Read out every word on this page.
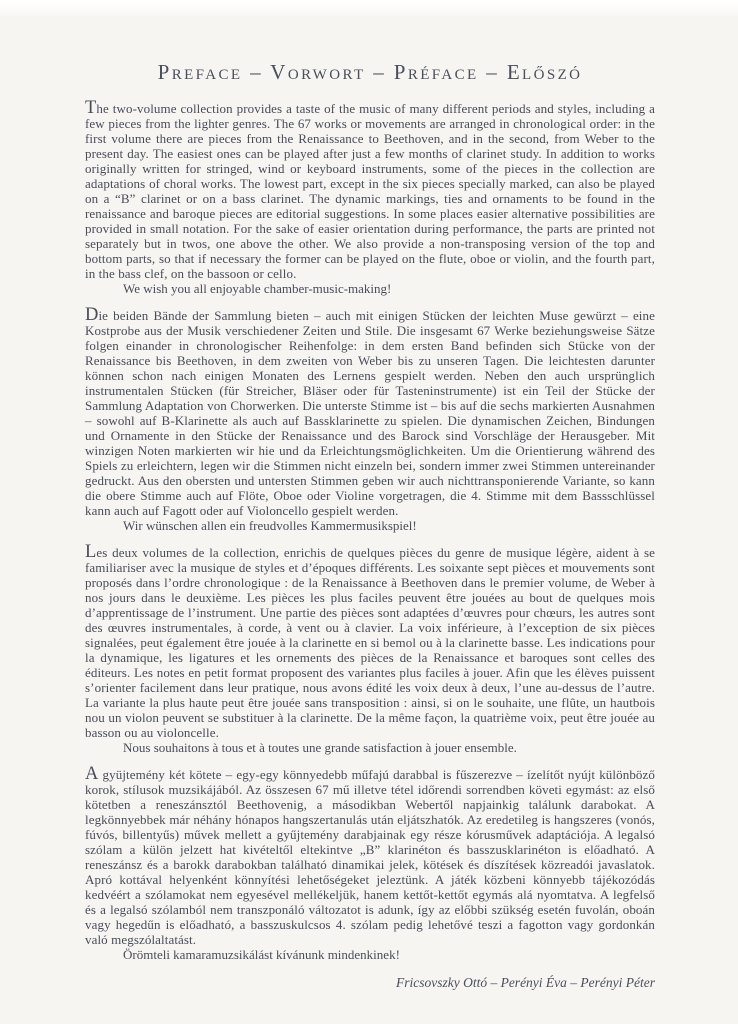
Preface – Vorwort – Préface – Előszó

The two-volume collection provides a taste of the music of many different periods and styles, including a few pieces from the lighter genres. The 67 works or movements are arranged in chronological order: in the first volume there are pieces from the Renaissance to Beethoven, and in the second, from Weber to the present day. The easiest ones can be played after just a few months of clarinet study. In addition to works originally written for stringed, wind or keyboard instruments, some of the pieces in the collection are adaptations of choral works. The lowest part, except in the six pieces specially marked, can also be played on a “B” clarinet or on a bass clarinet. The dynamic markings, ties and ornaments to be found in the renaissance and baroque pieces are editorial suggestions. In some places easier alternative possibilities are provided in small notation. For the sake of easier orientation during performance, the parts are printed not separately but in twos, one above the other. We also provide a non-transposing version of the top and bottom parts, so that if necessary the former can be played on the flute, oboe or violin, and the fourth part, in the bass clef, on the bassoon or cello.

We wish you all enjoyable chamber-music-making!

Die beiden Bände der Sammlung bieten – auch mit einigen Stücken der leichten Muse gewürzt – eine Kostprobe aus der Musik verschiedener Zeiten und Stile. Die insgesamt 67 Werke beziehungsweise Sätze folgen einander in chronologischer Reihenfolge: in dem ersten Band befinden sich Stücke von der Renaissance bis Beethoven, in dem zweiten von Weber bis zu unseren Tagen. Die leichtesten darunter können schon nach einigen Monaten des Lernens gespielt werden. Neben den auch ursprünglich instrumentalen Stücken (für Streicher, Bläser oder für Tasteninstrumente) ist ein Teil der Stücke der Sammlung Adaptation von Chorwerken. Die unterste Stimme ist – bis auf die sechs markierten Ausnahmen – sowohl auf B-Klarinette als auch auf Bassklarinette zu spielen. Die dynamischen Zeichen, Bindungen und Ornamente in den Stücke der Renaissance und des Barock sind Vorschläge der Herausgeber. Mit winzigen Noten markierten wir hie und da Erleichtungsmöglichkeiten. Um die Orientierung während des Spiels zu erleichtern, legen wir die Stimmen nicht einzeln bei, sondern immer zwei Stimmen untereinander gedruckt. Aus den obersten und untersten Stimmen geben wir auch nichttransponierende Variante, so kann die obere Stimme auch auf Flöte, Oboe oder Violine vorgetragen, die 4. Stimme mit dem Bassschlüssel kann auch auf Fagott oder auf Violoncello gespielt werden.

Wir wünschen allen ein freudvolles Kammermusikspiel!

Les deux volumes de la collection, enrichis de quelques pièces du genre de musique légère, aident à se familiariser avec la musique de styles et d’époques différents. Les soixante sept pièces et mouvements sont proposés dans l’ordre chronologique : de la Renaissance à Beethoven dans le premier volume, de Weber à nos jours dans le deuxième. Les pièces les plus faciles peuvent être jouées au bout de quelques mois d’apprentissage de l’instrument. Une partie des pièces sont adaptées d’œuvres pour chœurs, les autres sont des œuvres instrumentales, à corde, à vent ou à clavier. La voix inférieure, à l’exception de six pièces signalées, peut également être jouée à la clarinette en si bemol ou à la clarinette basse. Les indications pour la dynamique, les ligatures et les ornements des pièces de la Renaissance et baroques sont celles des éditeurs. Les notes en petit format proposent des variantes plus faciles à jouer. Afin que les élèves puissent s’orienter facilement dans leur pratique, nous avons édité les voix deux à deux, l’une au-dessus de l’autre. La variante la plus haute peut être jouée sans transposition : ainsi, si on le souhaite, une flûte, un hautbois nou un violon peuvent se substituer à la clarinette. De la même façon, la quatrième voix, peut être jouée au basson ou au violoncelle.

Nous souhaitons à tous et à toutes une grande satisfaction à jouer ensemble.

A gyüjtemény két kötete – egy-egy könnyedebb műfajú darabbal is fűszerezve – ízelítőt nyújt különböző korok, stílusok muzsikájából. Az összesen 67 mű illetve tétel időrendi sorrendben követi egymást: az első kötetben a reneszánsztól Beethovenig, a másodikban Webertől napjainkig találunk darabokat. A legkönnyebbek már néhány hónapos hangszertanulás után eljátszhatók. Az eredetileg is hangszeres (vonós, fúvós, billentyűs) művek mellett a gyűjtemény darabjainak egy része kórusművek adaptációja. A legalsó szólam a külön jelzett hat kivételtől eltekintve „B” klarinéton és basszusklarinéton is előadható. A reneszánsz és a barokk darabokban található dinamikai jelek, kötések és díszítések közreadói javaslatok. Apró kottával helyenként könnyítési lehetőségeket jeleztünk. A játék közbeni könnyebb tájékozódás kedvéért a szólamokat nem egyesével mellékeljük, hanem kettőt-kettőt egymás alá nyomtatva. A legfelső és a legalsó szólamból nem transzponáló változatot is adunk, így az előbbi szükség esetén fuvolán, oboán vagy hegedűn is előadható, a basszuskulcsos 4. szólam pedig lehetővé teszi a fagotton vagy gordonkán való megszólaltatást.

Örömteli kamaramuzsikálást kívánunk mindenkinek!

Fricsovszky Ottó – Perényi Éva – Perényi Péter
